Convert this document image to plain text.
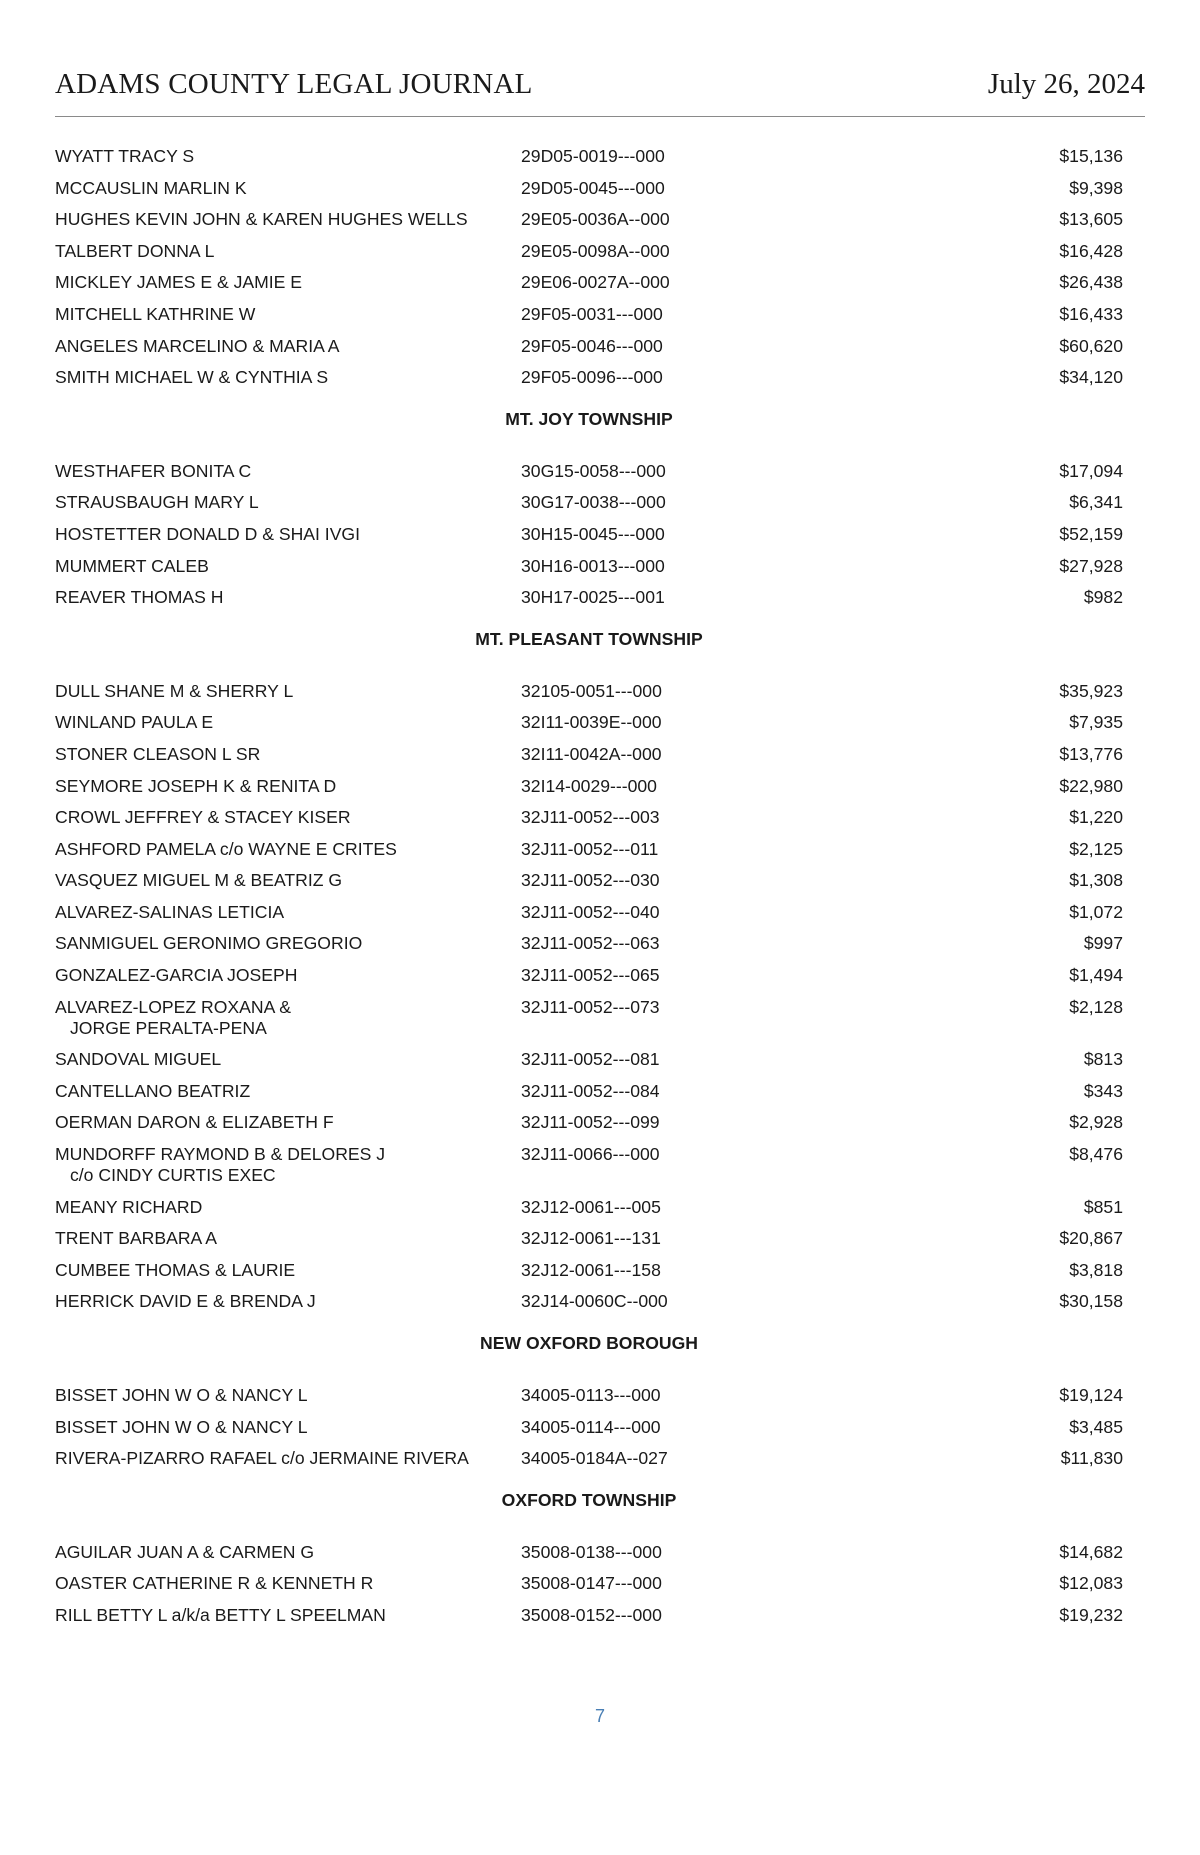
ADAMS COUNTY LEGAL JOURNAL	July 26, 2024
WYATT TRACY S	29D05-0019---000	$15,136
MCCAUSLIN MARLIN K	29D05-0045---000	$9,398
HUGHES KEVIN JOHN & KAREN HUGHES WELLS	29E05-0036A--000	$13,605
TALBERT DONNA L	29E05-0098A--000	$16,428
MICKLEY JAMES E & JAMIE E	29E06-0027A--000	$26,438
MITCHELL KATHRINE W	29F05-0031---000	$16,433
ANGELES MARCELINO & MARIA A	29F05-0046---000	$60,620
SMITH MICHAEL W & CYNTHIA S	29F05-0096---000	$34,120
MT. JOY TOWNSHIP
WESTHAFER BONITA C	30G15-0058---000	$17,094
STRAUSBAUGH MARY L	30G17-0038---000	$6,341
HOSTETTER DONALD D & SHAI IVGI	30H15-0045---000	$52,159
MUMMERT CALEB	30H16-0013---000	$27,928
REAVER THOMAS H	30H17-0025---001	$982
MT. PLEASANT TOWNSHIP
DULL SHANE M & SHERRY L	32105-0051---000	$35,923
WINLAND PAULA E	32I11-0039E--000	$7,935
STONER CLEASON L SR	32I11-0042A--000	$13,776
SEYMORE JOSEPH K & RENITA D	32I14-0029---000	$22,980
CROWL JEFFREY & STACEY KISER	32J11-0052---003	$1,220
ASHFORD PAMELA c/o WAYNE E CRITES	32J11-0052---011	$2,125
VASQUEZ MIGUEL M & BEATRIZ G	32J11-0052---030	$1,308
ALVAREZ-SALINAS LETICIA	32J11-0052---040	$1,072
SANMIGUEL GERONIMO GREGORIO	32J11-0052---063	$997
GONZALEZ-GARCIA JOSEPH	32J11-0052---065	$1,494
ALVAREZ-LOPEZ ROXANA &
JORGE PERALTA-PENA
32J11-0052---073	$2,128
SANDOVAL MIGUEL	32J11-0052---081	$813
CANTELLANO BEATRIZ	32J11-0052---084	$343
OERMAN DARON & ELIZABETH F	32J11-0052---099	$2,928
MUNDORFF RAYMOND B & DELORES J
c/o CINDY CURTIS EXEC
32J11-0066---000	$8,476
MEANY RICHARD	32J12-0061---005	$851
TRENT BARBARA A	32J12-0061---131	$20,867
CUMBEE THOMAS & LAURIE	32J12-0061---158	$3,818
HERRICK DAVID E & BRENDA J	32J14-0060C--000	$30,158
NEW OXFORD BOROUGH
BISSET JOHN W O & NANCY L	34005-0113---000	$19,124
BISSET JOHN W O & NANCY L	34005-0114---000	$3,485
RIVERA-PIZARRO RAFAEL c/o JERMAINE RIVERA	34005-0184A--027	$11,830
OXFORD TOWNSHIP
AGUILAR JUAN A & CARMEN G	35008-0138---000	$14,682
OASTER CATHERINE R & KENNETH R	35008-0147---000	$12,083
RILL BETTY L a/k/a BETTY L SPEELMAN	35008-0152---000	$19,232
7
